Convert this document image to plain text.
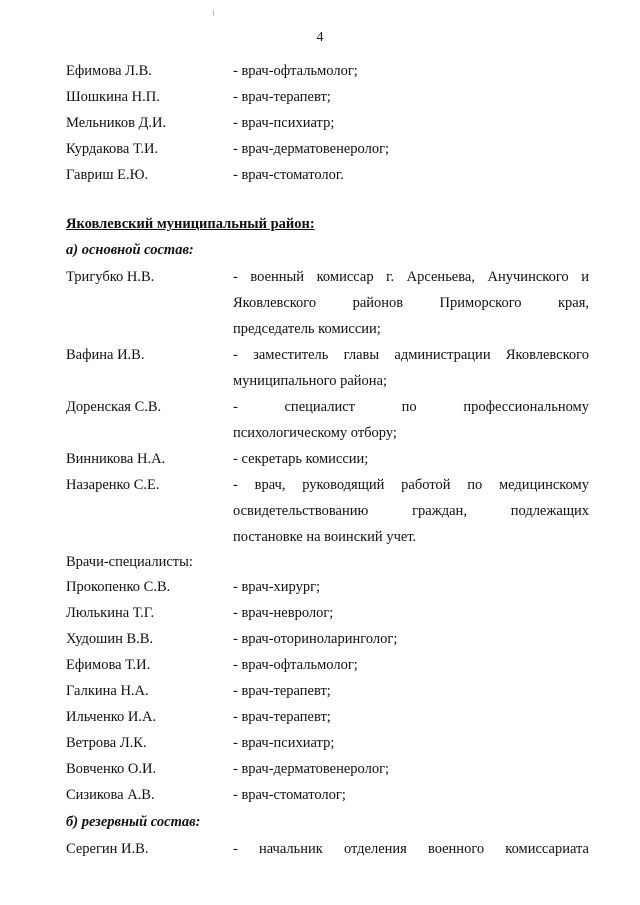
4
Ефимова Л.В.	- врач-офтальмолог;
Шошкина Н.П.	- врач-терапевт;
Мельников Д.И.	- врач-психиатр;
Курдакова Т.И.	- врач-дерматовенеролог;
Гавриш Е.Ю.	- врач-стоматолог.
Яковлевский муниципальный район:
а) основной состав:
Тригубко Н.В.	- военный комиссар г. Арсеньева, Анучинского и
Яковлевского районов Приморского края,
председатель комиссии;
Вафина И.В.	- заместитель главы администрации Яковлевского
муниципального района;
Доренская С.В.	- специалист по профессиональному
психологическому отбору;
Винникова Н.А.	- секретарь комиссии;
Назаренко С.Е.	- врач, руководящий работой по медицинскому
освидетельствованию граждан, подлежащих
постановке на воинский учет.
Врачи-специалисты:
Прокопенко С.В.	- врач-хирург;
Люлькина Т.Г.	- врач-невролог;
Худошин В.В.	- врач-оториноларинголог;
Ефимова Т.И.	- врач-офтальмолог;
Галкина Н.А.	- врач-терапевт;
Ильченко И.А.	- врач-терапевт;
Ветрова Л.К.	- врач-психиатр;
Вовченко О.И.	- врач-дерматовенеролог;
Сизикова А.В.	- врач-стоматолог;
б) резервный состав:
Серегин И.В.	- начальник отделения военного комиссариата
